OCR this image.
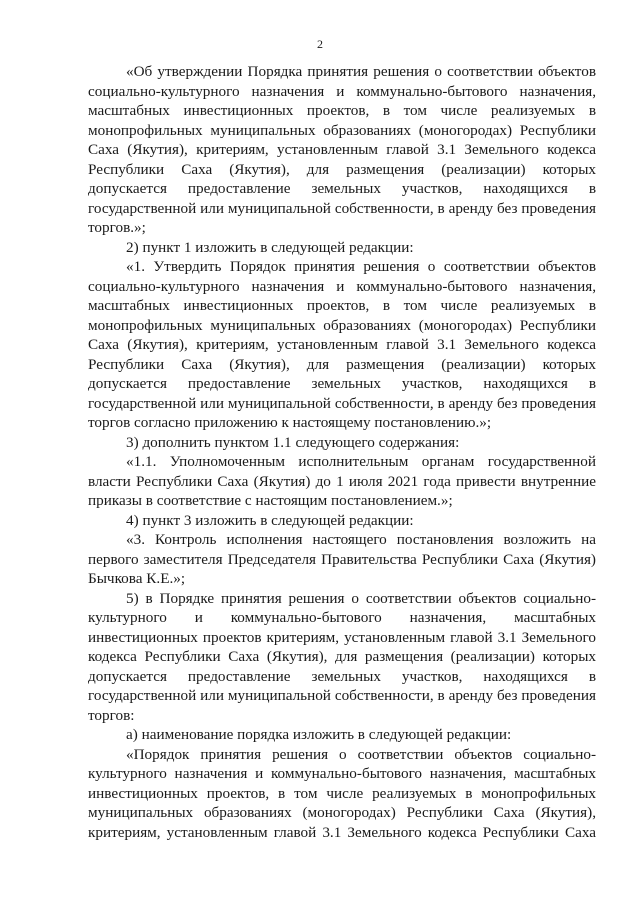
2

«Об утверждении Порядка принятия решения о соответствии объектов социально-культурного назначения и коммунально-бытового назначения, масштабных инвестиционных проектов, в том числе реализуемых в монопрофильных муниципальных образованиях (моногородах) Республики Саха (Якутия), критериям, установленным главой 3.1 Земельного кодекса Республики Саха (Якутия), для размещения (реализации) которых допускается предоставление земельных участков, находящихся в государственной или муниципальной собственности, в аренду без проведения торгов.»;

2) пункт 1 изложить в следующей редакции:

«1. Утвердить Порядок принятия решения о соответствии объектов социально-культурного назначения и коммунально-бытового назначения, масштабных инвестиционных проектов, в том числе реализуемых в монопрофильных муниципальных образованиях (моногородах) Республики Саха (Якутия), критериям, установленным главой 3.1 Земельного кодекса Республики Саха (Якутия), для размещения (реализации) которых допускается предоставление земельных участков, находящихся в государственной или муниципальной собственности, в аренду без проведения торгов согласно приложению к настоящему постановлению.»;

3) дополнить пунктом 1.1 следующего содержания:

«1.1. Уполномоченным исполнительным органам государственной власти Республики Саха (Якутия) до 1 июля 2021 года привести внутренние приказы в соответствие с настоящим постановлением.»;

4) пункт 3 изложить в следующей редакции:

«3. Контроль исполнения настоящего постановления возложить на первого заместителя Председателя Правительства Республики Саха (Якутия) Бычкова К.Е.»;

5) в Порядке принятия решения о соответствии объектов социально-культурного и коммунально-бытового назначения, масштабных инвестиционных проектов критериям, установленным главой 3.1 Земельного кодекса Республики Саха (Якутия), для размещения (реализации) которых допускается предоставление земельных участков, находящихся в государственной или муниципальной собственности, в аренду без проведения торгов:

а) наименование порядка изложить в следующей редакции:

«Порядок принятия решения о соответствии объектов социально-культурного назначения и коммунально-бытового назначения, масштабных инвестиционных проектов, в том числе реализуемых в монопрофильных муниципальных образованиях (моногородах) Республики Саха (Якутия), критериям, установленным главой 3.1 Земельного кодекса Республики Саха
